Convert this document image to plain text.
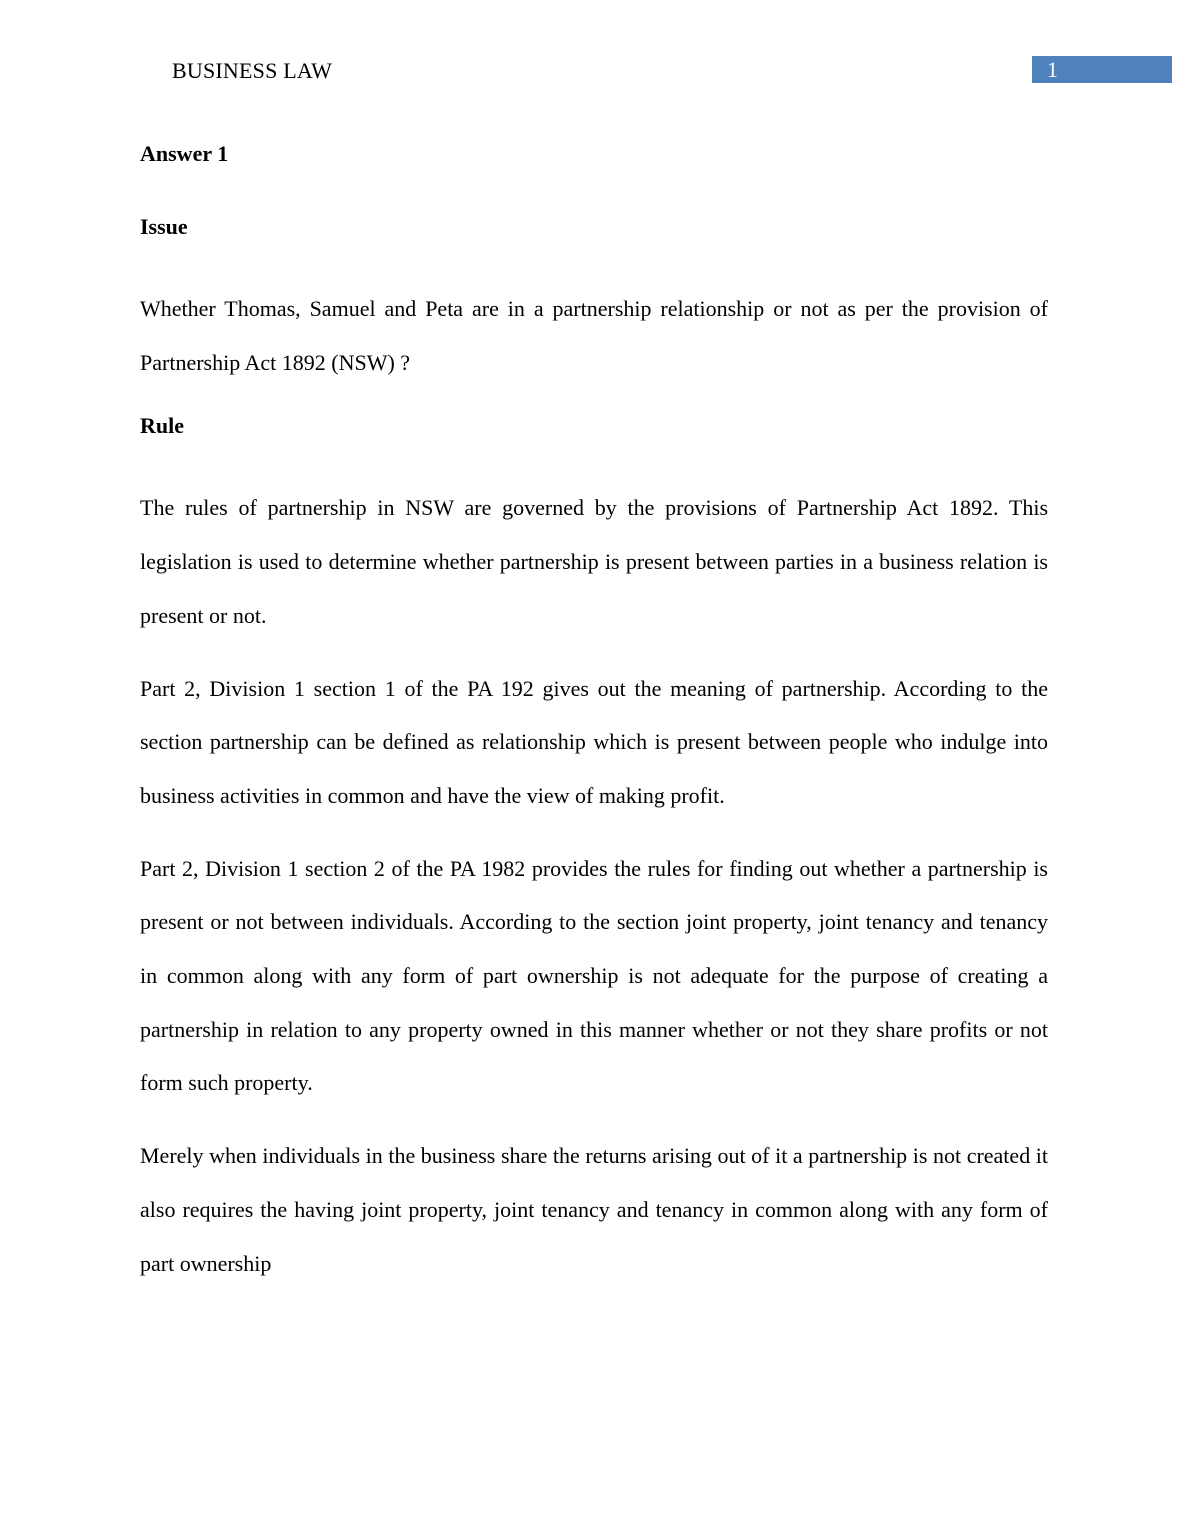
BUSINESS LAW	1

Answer 1

Issue

Whether Thomas, Samuel and Peta are in a partnership relationship or not as per the provision of Partnership Act 1892 (NSW) ?

Rule

The rules of partnership in NSW are governed by the provisions of Partnership Act 1892. This legislation is used to determine whether partnership is present between parties in a business relation is present or not.

Part 2, Division 1 section 1 of the PA 192 gives out the meaning of partnership. According to the section partnership can be defined as relationship which is present between people who indulge into business activities in common and have the view of making profit.

Part 2, Division 1 section 2 of the PA 1982 provides the rules for finding out whether a partnership is present or not between individuals. According to the section joint property, joint tenancy and tenancy in common along with any form of part ownership is not adequate for the purpose of creating a partnership in relation to any property owned in this manner whether or not they share profits or not form such property.

Merely when individuals in the business share the returns arising out of it a partnership is not created it also requires the having joint property, joint tenancy and tenancy in common along with any form of part ownership
